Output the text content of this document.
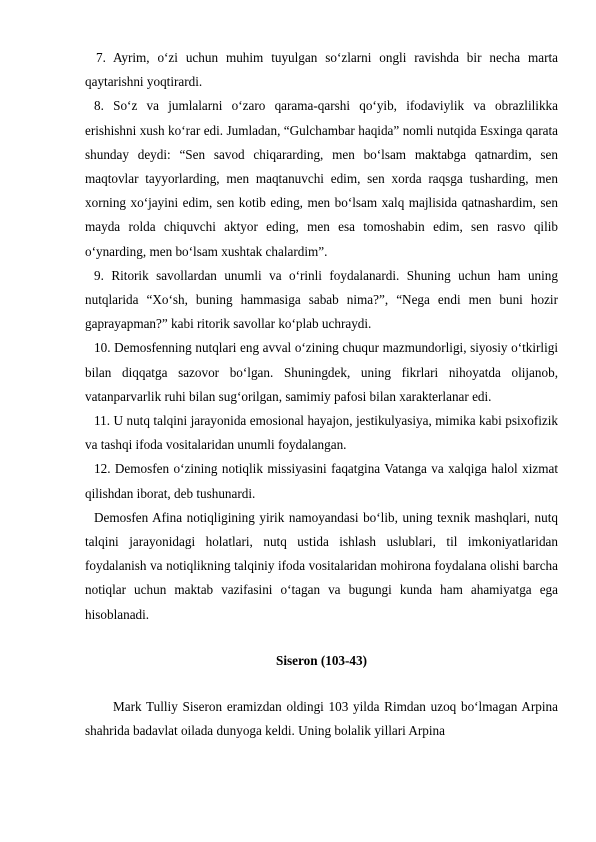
7. Ayrim, o‘zi uchun muhim tuyulgan so‘zlarni ongli ravishda bir necha marta qaytarishni yoqtirardi.

8. So‘z va jumlalarni o‘zaro qarama-qarshi qo‘yib, ifodaviylik va obrazlilikka erishishni xush ko‘rar edi. Jumladan, “Gulchambar haqida” nomli nutqida Esxinga qarata shunday deydi: “Sen savod chiqararding, men bo‘lsam maktabga qatnardim, sen maqtovlar tayyorlarding, men maqtanuvchi edim, sen xorda raqsga tusharding, men xorning xo‘jayini edim, sen kotib eding, men bo‘lsam xalq majlisida qatnashardim, sen mayda rolda chiquvchi aktyor eding, men esa tomoshabin edim, sen rasvo qilib o‘ynarding, men bo‘lsam xushtak chalardim”.

9. Ritorik savollardan unumli va o‘rinli foydalanardi. Shuning uchun ham uning nutqlarida “Xo‘sh, buning hammasiga sabab nima?”, “Nega endi men buni hozir gaprayapman?” kabi ritorik savollar ko‘plab uchraydi.

10. Demosfenning nutqlari eng avval o‘zining chuqur mazmundorligi, siyosiy o‘tkirligi bilan diqqatga sazovor bo‘lgan. Shuningdek, uning fikrlari nihoyatda olijanob, vatanparvarlik ruhi bilan sug‘orilgan, samimiy pafosi bilan xarakterlanar edi.

11. U nutq talqini jarayonida emosional hayajon, jestikulyasiya, mimika kabi psixofizik va tashqi ifoda vositalaridan unumli foydalangan.

12. Demosfen o‘zining notiqlik missiyasini faqatgina Vatanga va xalqiga halol xizmat qilishdan iborat, deb tushunardi.

Demosfen Afina notiqligining yirik namoyandasi bo‘lib, uning texnik mashqlari, nutq talqini jarayonidagi holatlari, nutq ustida ishlash uslublari, til imkoniyatlaridan foydalanish va notiqlikning talqiniy ifoda vositalaridan mohirona foydalana olishi barcha notiqlar uchun maktab vazifasini o‘tagan va bugungi kunda ham ahamiyatga ega hisoblanadi.

Siseron (103-43)

Mark Tulliy Siseron eramizdan oldingi 103 yilda Rimdan uzoq bo‘lmagan Arpina shahrida badavlat oilada dunyoga keldi. Uning bolalik yillari Arpina
